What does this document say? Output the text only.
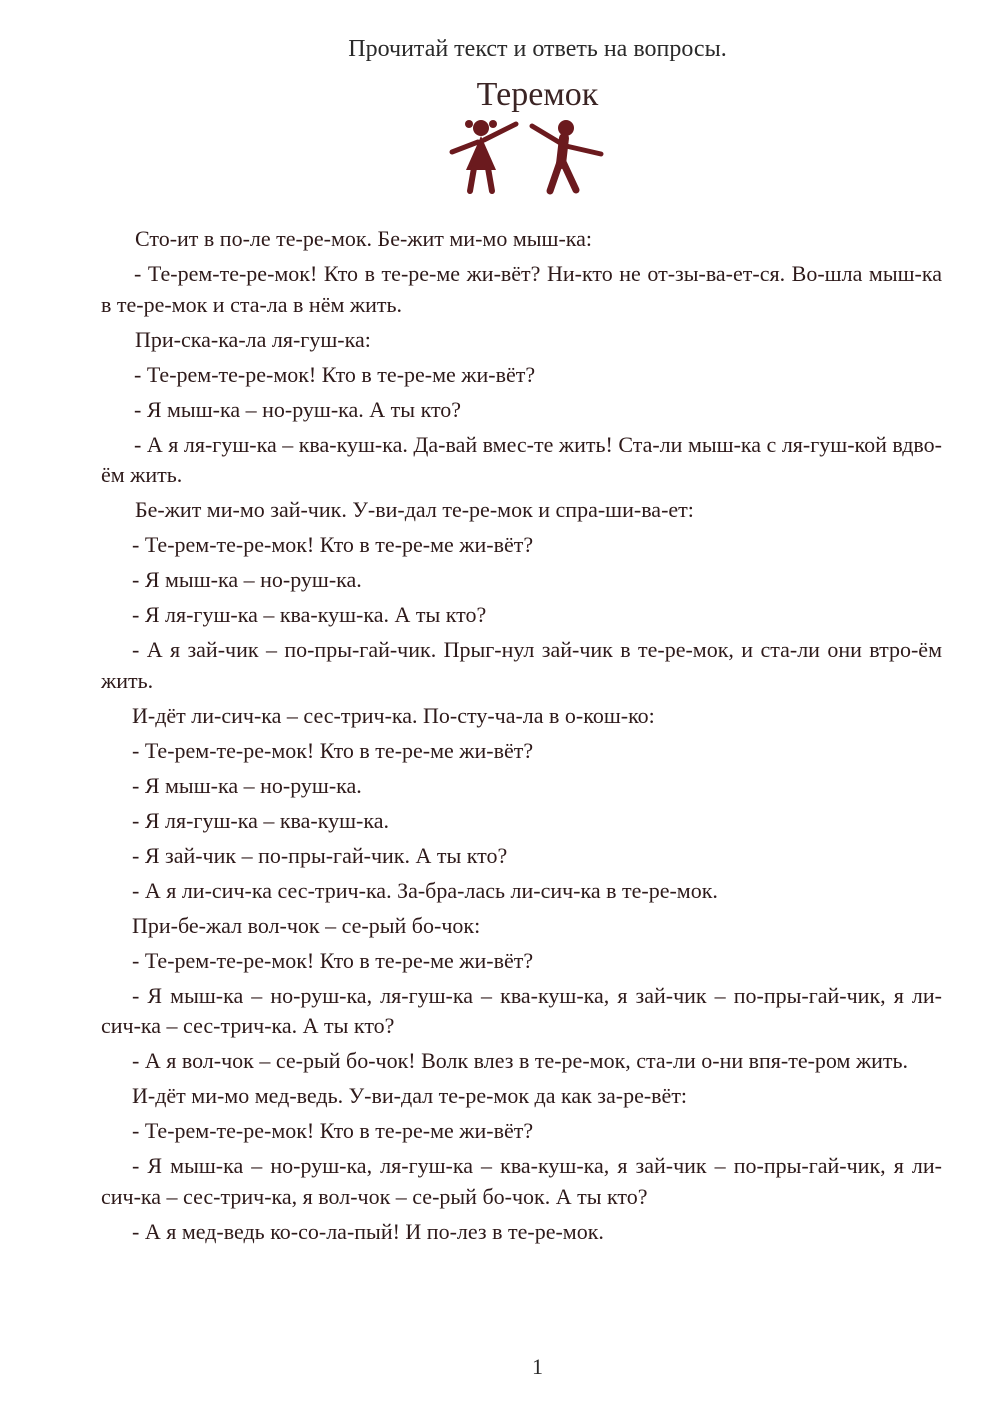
Прочитай текст и ответь на вопросы.
Теремок

Сто-ит в по-ле те-ре-мок. Бе-жит ми-мо мыш-ка:

- Те-рем-те-ре-мок! Кто в те-ре-ме жи-вёт? Ни-кто не от-зы-ва-ет-ся. Во-шла мыш-ка в те-ре-мок и ста-ла в нём жить.

При-ска-ка-ла ля-гуш-ка:

- Те-рем-те-ре-мок! Кто в те-ре-ме жи-вёт?

- Я мыш-ка – но-руш-ка. А ты кто?

- А я ля-гуш-ка – ква-куш-ка. Да-вай вмес-те жить! Ста-ли мыш-ка с ля-гуш-кой вдво-ём жить.

Бе-жит ми-мо зай-чик. У-ви-дал те-ре-мок и спра-ши-ва-ет:

- Те-рем-те-ре-мок! Кто в те-ре-ме жи-вёт?

- Я мыш-ка – но-руш-ка.

- Я ля-гуш-ка – ква-куш-ка. А ты кто?

- А я зай-чик – по-пры-гай-чик. Прыг-нул зай-чик в те-ре-мок, и ста-ли они втро-ём жить.

И-дёт ли-сич-ка – сес-трич-ка. По-сту-ча-ла в о-кош-ко:

- Те-рем-те-ре-мок! Кто в те-ре-ме жи-вёт?

- Я мыш-ка – но-руш-ка.

- Я ля-гуш-ка – ква-куш-ка.

- Я зай-чик – по-пры-гай-чик. А ты кто?

- А я ли-сич-ка сес-трич-ка. За-бра-лась ли-сич-ка в те-ре-мок.

При-бе-жал вол-чок – се-рый бо-чок:

- Те-рем-те-ре-мок! Кто в те-ре-ме жи-вёт?

- Я мыш-ка – но-руш-ка, ля-гуш-ка – ква-куш-ка, я зай-чик – по-пры-гай-чик, я ли-сич-ка – сес-трич-ка. А ты кто?

- А я вол-чок – се-рый бо-чок! Волк влез в те-ре-мок, ста-ли о-ни впя-те-ром жить.

И-дёт ми-мо мед-ведь. У-ви-дал те-ре-мок да как за-ре-вёт:

- Те-рем-те-ре-мок! Кто в те-ре-ме жи-вёт?

- Я мыш-ка – но-руш-ка, ля-гуш-ка – ква-куш-ка, я зай-чик – по-пры-гай-чик, я ли-сич-ка – сес-трич-ка, я вол-чок – се-рый бо-чок. А ты кто?

- А я мед-ведь ко-со-ла-пый! И по-лез в те-ре-мок.

1
